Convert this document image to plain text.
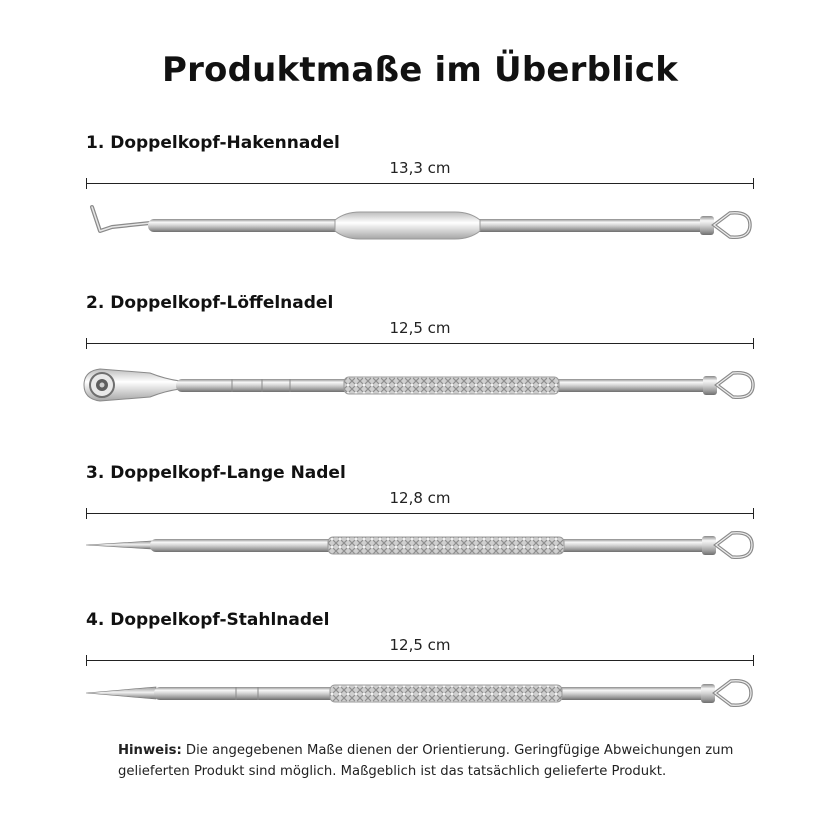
Produktmaße im Überblick
1. Doppelkopf-Hakennadel
13,3 cm
2. Doppelkopf-Löffelnadel
12,5 cm
3. Doppelkopf-Lange Nadel
12,8 cm
4. Doppelkopf-Stahlnadel
12,5 cm
Hinweis: Die angegebenen Maße dienen der Orientierung. Geringfügige Abweichungen zum gelieferten Produkt sind möglich. Maßgeblich ist das tatsächlich gelieferte Produkt.
